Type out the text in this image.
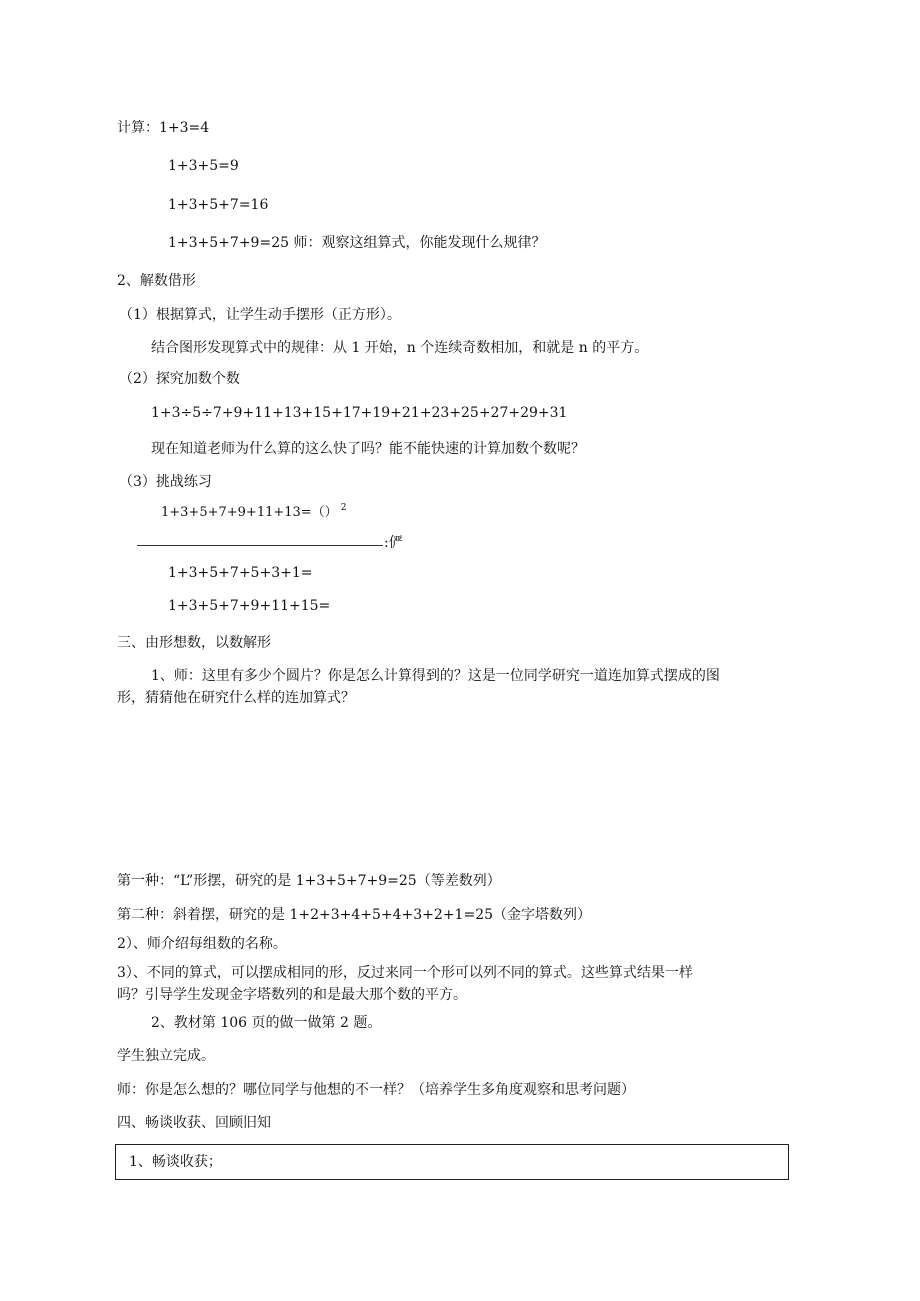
计算：1+3=4

1+3+5=9

1+3+5+7=16

1+3+5+7+9=25 师：观察这组算式，你能发现什么规律？

2、解数借形

（1）根据算式，让学生动手摆形（正方形）。

结合图形发现算式中的规律：从 1 开始，n 个连续奇数相加，和就是 n 的平方。

（2）探究加数个数

1+3÷5÷7+9+11+13+15+17+19+21+23+25+27+29+31

现在知道老师为什么算的这么快了吗？能不能快速的计算加数个数呢？

（3）挑战练习

1+3+5+7+9+11+13=（） $^2$

:俨

1+3+5+7+5+3+1=

1+3+5+7+9+11+15=

三、由形想数，以数解形

1、师：这里有多少个圆片？你是怎么计算得到的？这是一位同学研究一道连加算式摆成的图

形，猜猜他在研究什么样的连加算式？

第一种：“L”形摆，研究的是 1+3+5+7+9=25（等差数列）

第二种：斜着摆，研究的是 1+2+3+4+5+4+3+2+1=25（金字塔数列）

2）、师介绍每组数的名称。

3）、不同的算式，可以摆成相同的形，反过来同一个形可以列不同的算式。这些算式结果一样

吗？引导学生发现金字塔数列的和是最大那个数的平方。

2、教材第 106 页的做一做第 2 题。

学生独立完成。

师：你是怎么想的？哪位同学与他想的不一样？（培养学生多角度观察和思考问题）

四、畅谈收获、回顾旧知

1、畅谈收获；
